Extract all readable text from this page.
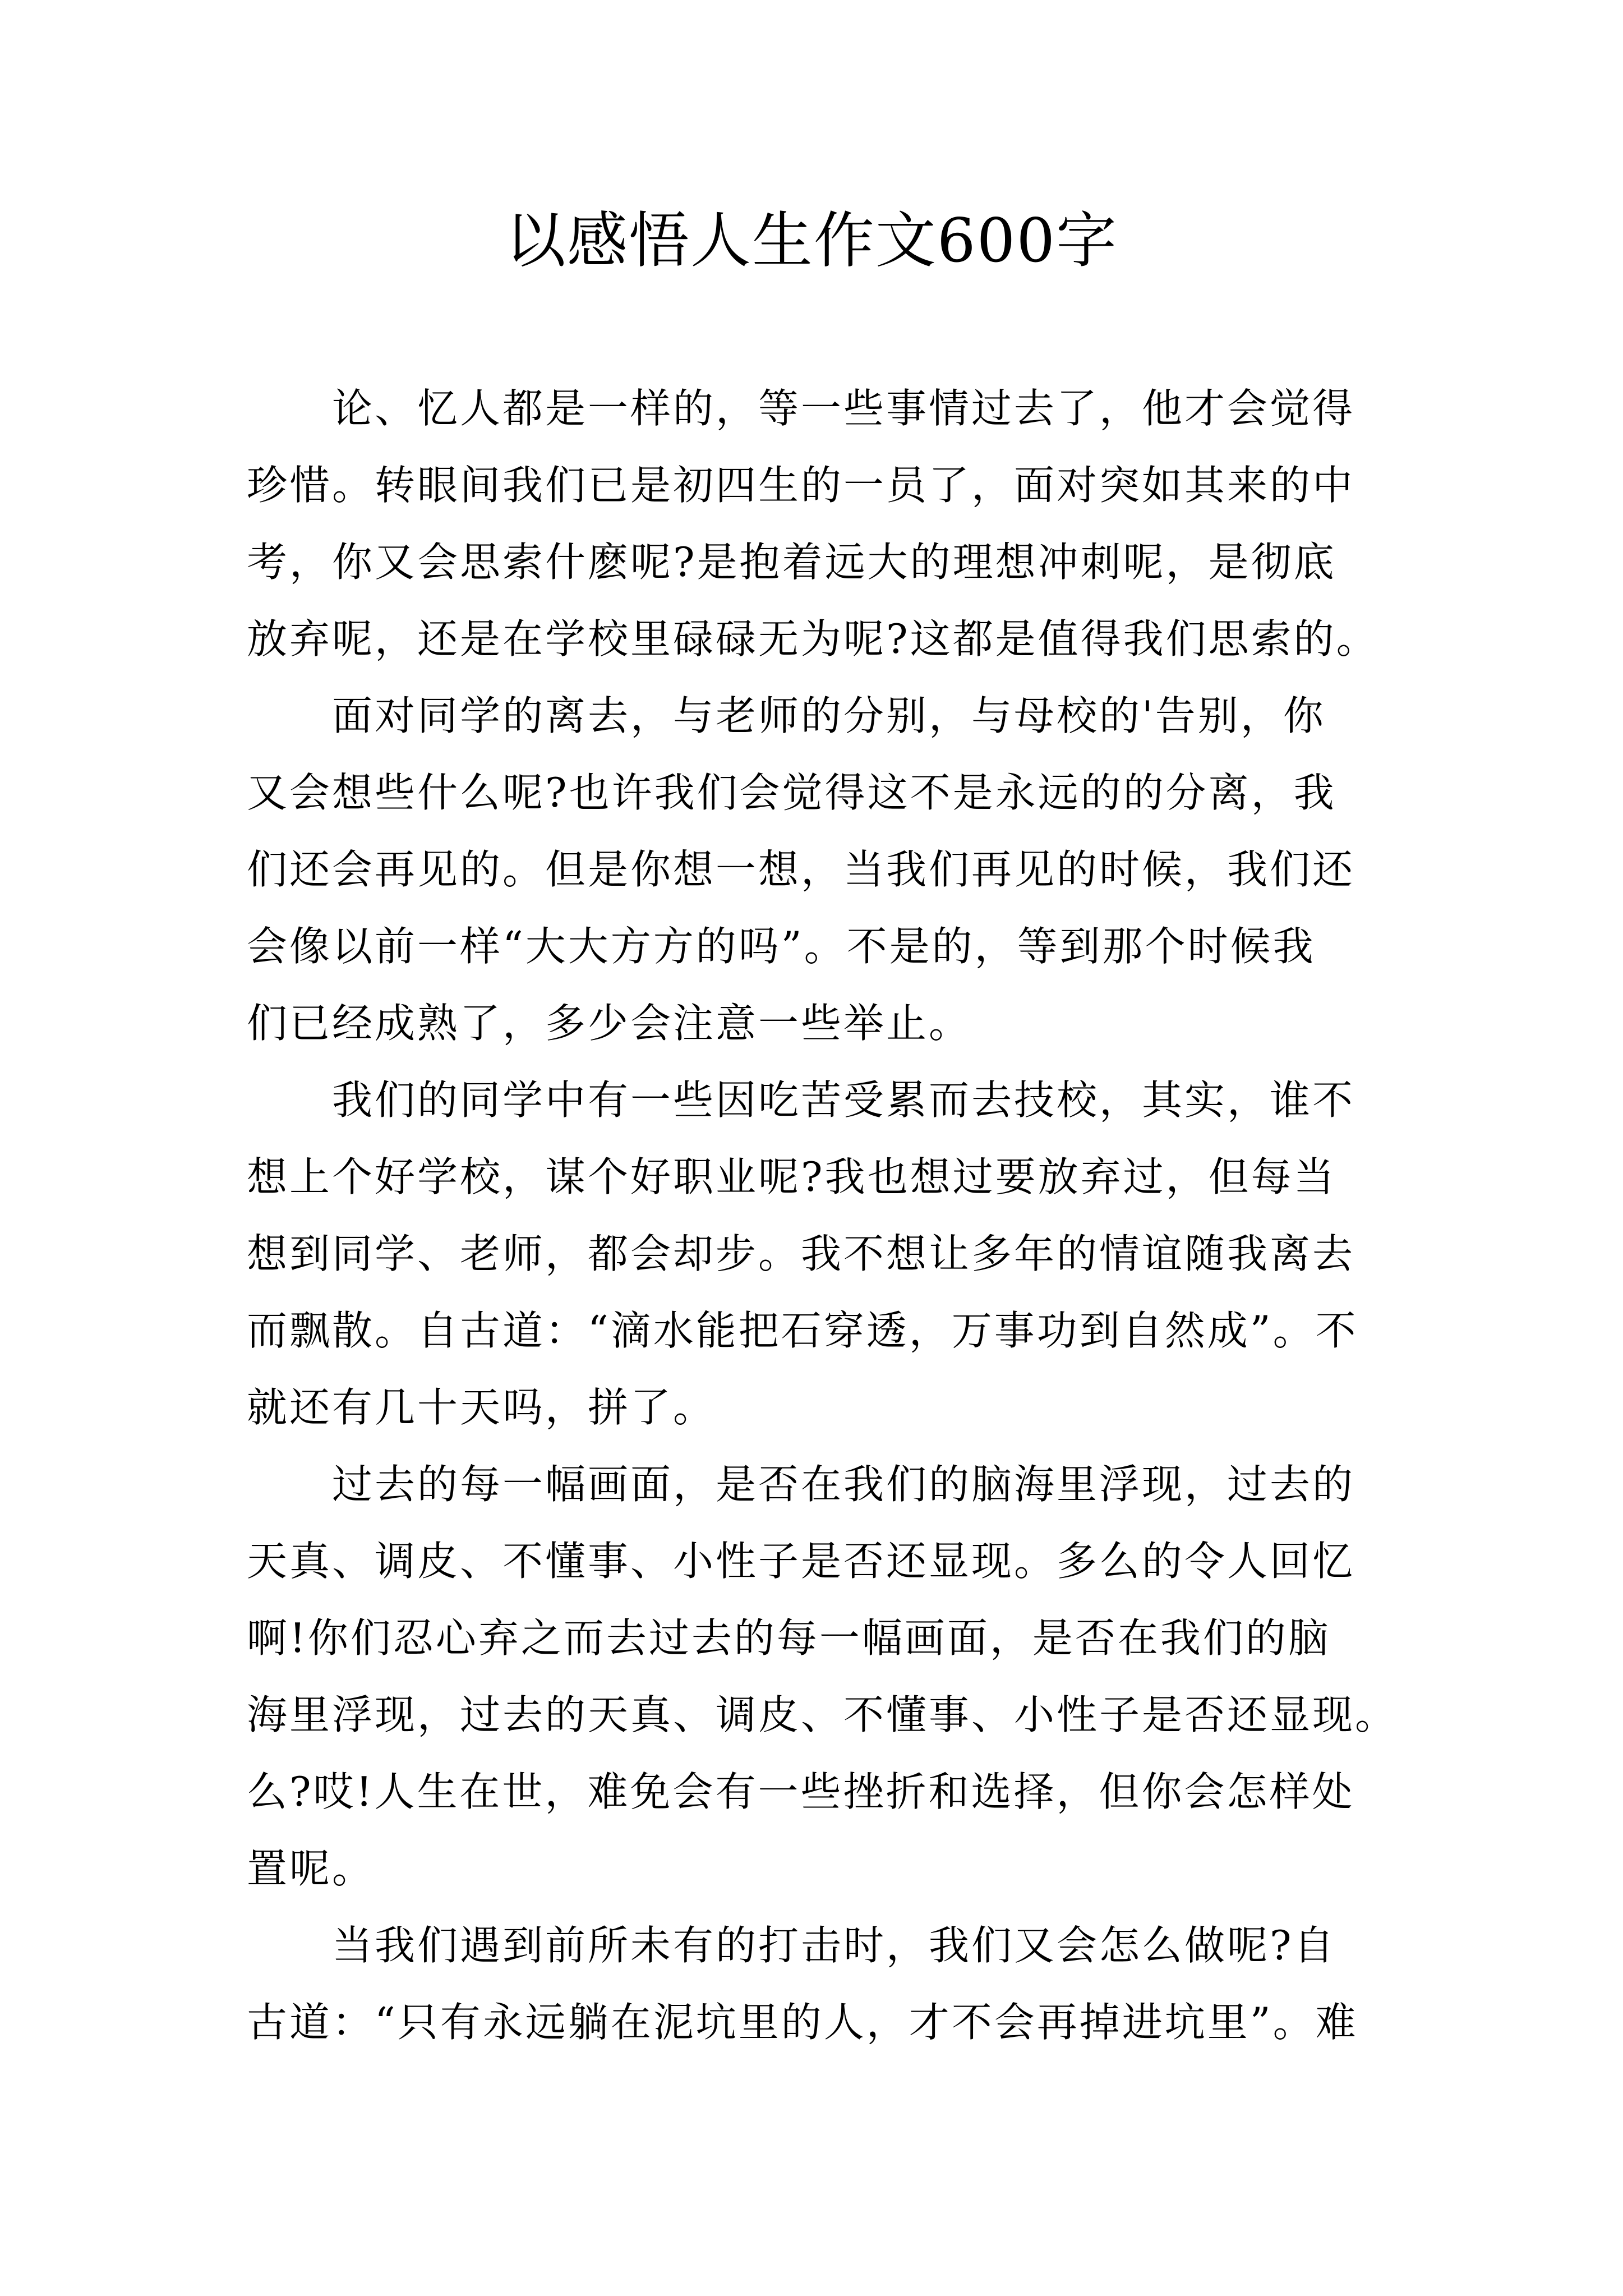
以感悟人生作文600字
　　论、忆人都是一样的，等一些事情过去了，他才会觉得
珍惜。转眼间我们已是初四生的一员了，面对突如其来的中
考，你又会思索什麽呢?是抱着远大的理想冲刺呢，是彻底
放弃呢，还是在学校里碌碌无为呢?这都是值得我们思索的。
　　面对同学的离去，与老师的分别，与母校的'告别，你
又会想些什么呢?也许我们会觉得这不是永远的的分离，我
们还会再见的。但是你想一想，当我们再见的时候，我们还
会像以前一样“大大方方的吗”。不是的，等到那个时候我
们已经成熟了，多少会注意一些举止。
　　我们的同学中有一些因吃苦受累而去技校，其实，谁不
想上个好学校，谋个好职业呢?我也想过要放弃过，但每当
想到同学、老师，都会却步。我不想让多年的情谊随我离去
而飘散。自古道：“滴水能把石穿透，万事功到自然成”。不
就还有几十天吗，拼了。
　　过去的每一幅画面，是否在我们的脑海里浮现，过去的
天真、调皮、不懂事、小性子是否还显现。多么的令人回忆
啊!你们忍心弃之而去过去的每一幅画面，是否在我们的脑
海里浮现，过去的天真、调皮、不懂事、小性子是否还显现。
么?哎!人生在世，难免会有一些挫折和选择，但你会怎样处
置呢。
　　当我们遇到前所未有的打击时，我们又会怎么做呢?自
古道：“只有永远躺在泥坑里的人，才不会再掉进坑里”。难
